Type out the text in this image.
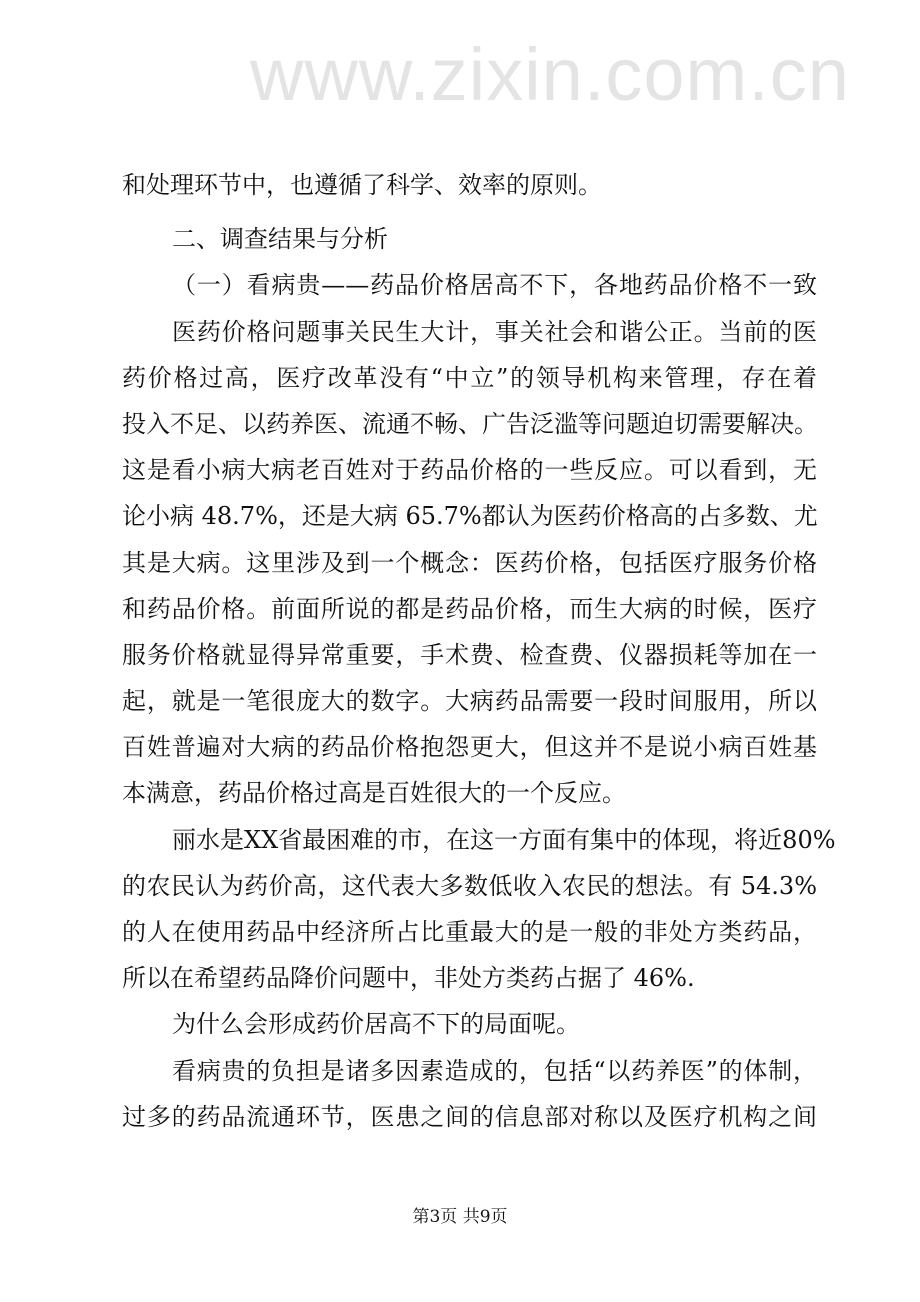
www.zixin.com.cn
和处理环节中，也遵循了科学、效率的原则。
二、调查结果与分析
（一）看病贵——药品价格居高不下，各地药品价格不一致
医药价格问题事关民生大计，事关社会和谐公正。当前的医
药价格过高，医疗改革没有“中立”的领导机构来管理，存在着
投入不足、以药养医、流通不畅、广告泛滥等问题迫切需要解决。
这是看小病大病老百姓对于药品价格的一些反应。可以看到，无
论小病 48.7%，还是大病 65.7%都认为医药价格高的占多数、尤
其是大病。这里涉及到一个概念：医药价格，包括医疗服务价格
和药品价格。前面所说的都是药品价格，而生大病的时候，医疗
服务价格就显得异常重要，手术费、检查费、仪器损耗等加在一
起，就是一笔很庞大的数字。大病药品需要一段时间服用，所以
百姓普遍对大病的药品价格抱怨更大，但这并不是说小病百姓基
本满意，药品价格过高是百姓很大的一个反应。
丽水是XX省最困难的市，在这一方面有集中的体现，将近80%
的农民认为药价高，这代表大多数低收入农民的想法。有 54.3%
的人在使用药品中经济所占比重最大的是一般的非处方类药品，
所以在希望药品降价问题中，非处方类药占据了 46%.
为什么会形成药价居高不下的局面呢。
看病贵的负担是诸多因素造成的，包括“以药养医”的体制，
过多的药品流通环节，医患之间的信息部对称以及医疗机构之间
第3页 共9页
